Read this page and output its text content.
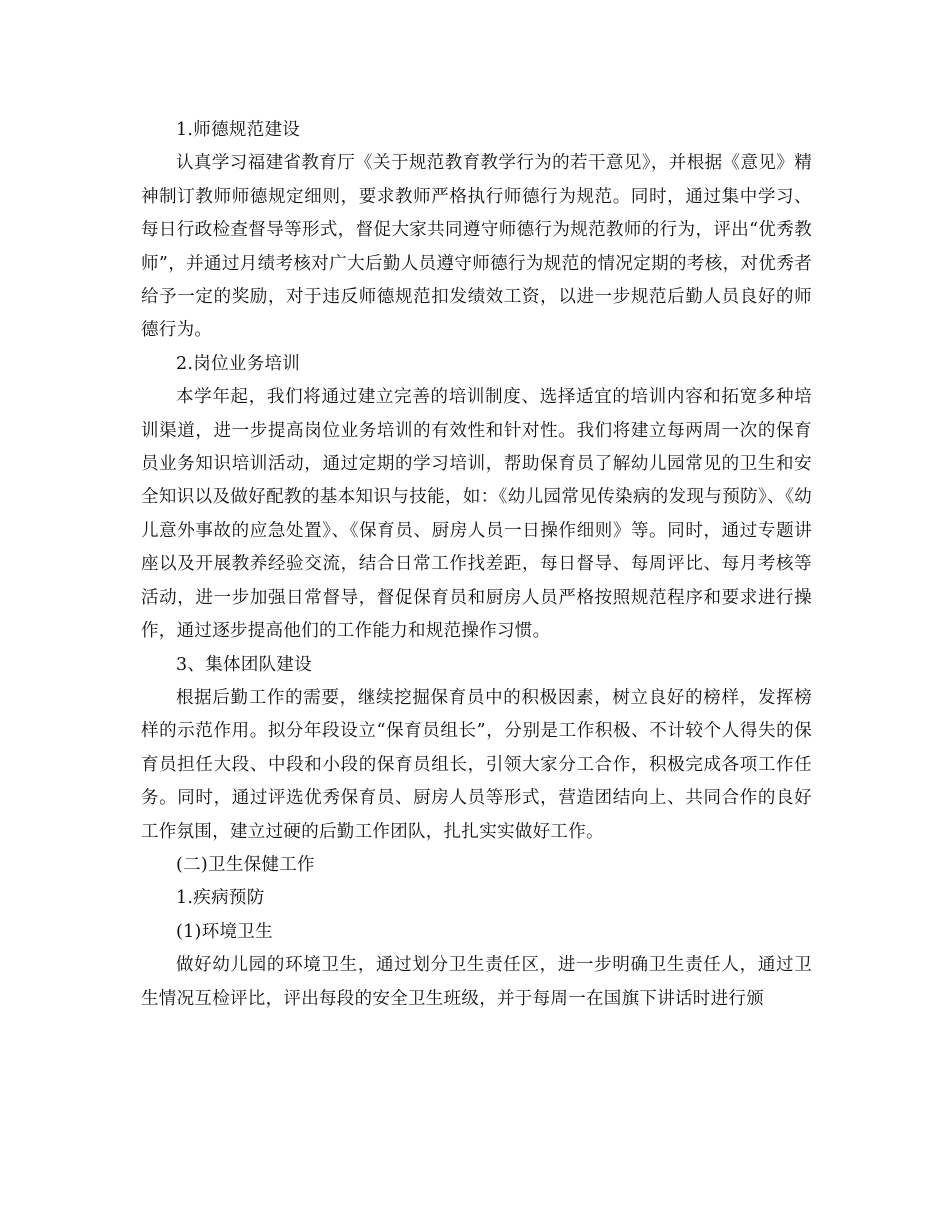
1.师德规范建设

认真学习福建省教育厅《关于规范教育教学行为的若干意见》，并根据《意见》精神制订教师师德规定细则，要求教师严格执行师德行为规范。同时，通过集中学习、每日行政检查督导等形式，督促大家共同遵守师德行为规范教师的行为，评出“优秀教师”，并通过月绩考核对广大后勤人员遵守师德行为规范的情况定期的考核，对优秀者给予一定的奖励，对于违反师德规范扣发绩效工资，以进一步规范后勤人员良好的师德行为。

2.岗位业务培训

本学年起，我们将通过建立完善的培训制度、选择适宜的培训内容和拓宽多种培训渠道，进一步提高岗位业务培训的有效性和针对性。我们将建立每两周一次的保育员业务知识培训活动，通过定期的学习培训，帮助保育员了解幼儿园常见的卫生和安全知识以及做好配教的基本知识与技能，如：《幼儿园常见传染病的发现与预防》、《幼儿意外事故的应急处置》、《保育员、厨房人员一日操作细则》等。同时，通过专题讲座以及开展教养经验交流，结合日常工作找差距，每日督导、每周评比、每月考核等活动，进一步加强日常督导，督促保育员和厨房人员严格按照规范程序和要求进行操作，通过逐步提高他们的工作能力和规范操作习惯。

3、集体团队建设

根据后勤工作的需要，继续挖掘保育员中的积极因素，树立良好的榜样，发挥榜样的示范作用。拟分年段设立“保育员组长”，分别是工作积极、不计较个人得失的保育员担任大段、中段和小段的保育员组长，引领大家分工合作，积极完成各项工作任务。同时，通过评选优秀保育员、厨房人员等形式，营造团结向上、共同合作的良好工作氛围，建立过硬的后勤工作团队，扎扎实实做好工作。

(二)卫生保健工作

1.疾病预防

(1)环境卫生

做好幼儿园的环境卫生，通过划分卫生责任区，进一步明确卫生责任人，通过卫生情况互检评比，评出每段的安全卫生班级，并于每周一在国旗下讲话时进行颁
